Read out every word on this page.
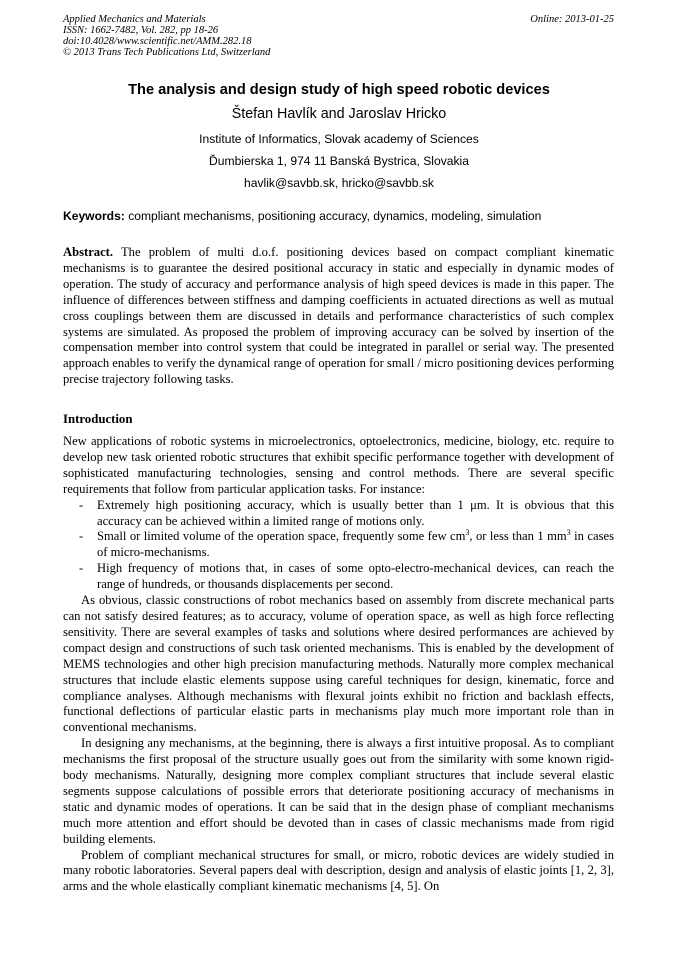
Applied Mechanics and Materials
ISSN: 1662-7482, Vol. 282, pp 18-26
doi:10.4028/www.scientific.net/AMM.282.18
© 2013 Trans Tech Publications Ltd, Switzerland
Online: 2013-01-25
The analysis and design study of high speed robotic devices
Štefan Havlík and Jaroslav Hricko
Institute of Informatics, Slovak academy of Sciences
Ďumbierska 1, 974 11 Banská Bystrica, Slovakia
havlik@savbb.sk, hricko@savbb.sk
Keywords: compliant mechanisms, positioning accuracy, dynamics, modeling, simulation

Abstract. The problem of multi d.o.f. positioning devices based on compact compliant kinematic mechanisms is to guarantee the desired positional accuracy in static and especially in dynamic modes of operation. The study of accuracy and performance analysis of high speed devices is made in this paper. The influence of differences between stiffness and damping coefficients in actuated directions as well as mutual cross couplings between them are discussed in details and performance characteristics of such complex systems are simulated. As proposed the problem of improving accuracy can be solved by insertion of the compensation member into control system that could be integrated in parallel or serial way. The presented approach enables to verify the dynamical range of operation for small / micro positioning devices performing precise trajectory following tasks.

Introduction

New applications of robotic systems in microelectronics, optoelectronics, medicine, biology, etc. require to develop new task oriented robotic structures that exhibit specific performance together with development of sophisticated manufacturing technologies, sensing and control methods. There are several specific requirements that follow from particular application tasks. For instance:

- Extremely high positioning accuracy, which is usually better than 1 μm. It is obvious that this accuracy can be achieved within a limited range of motions only.
- Small or limited volume of the operation space, frequently some few $cm^3$, or less than 1 $mm^3$ in cases of micro-mechanisms.
- High frequency of motions that, in cases of some opto-electro-mechanical devices, can reach the range of hundreds, or thousands displacements per second.

As obvious, classic constructions of robot mechanics based on assembly from discrete mechanical parts can not satisfy desired features; as to accuracy, volume of operation space, as well as high force reflecting sensitivity. There are several examples of tasks and solutions where desired performances are achieved by compact design and constructions of such task oriented mechanisms. This is enabled by the development of MEMS technologies and other high precision manufacturing methods. Naturally more complex mechanical structures that include elastic elements suppose using careful techniques for design, kinematic, force and compliance analyses. Although mechanisms with flexural joints exhibit no friction and backlash effects, functional deflections of particular elastic parts in mechanisms play much more important role than in conventional mechanisms.

In designing any mechanisms, at the beginning, there is always a first intuitive proposal. As to compliant mechanisms the first proposal of the structure usually goes out from the similarity with some known rigid-body mechanisms. Naturally, designing more complex compliant structures that include several elastic segments suppose calculations of possible errors that deteriorate positioning accuracy of mechanisms in static and dynamic modes of operations. It can be said that in the design phase of compliant mechanisms much more attention and effort should be devoted than in cases of classic mechanisms made from rigid building elements.

Problem of compliant mechanical structures for small, or micro, robotic devices are widely studied in many robotic laboratories. Several papers deal with description, design and analysis of elastic joints [1, 2, 3], arms and the whole elastically compliant kinematic mechanisms [4, 5]. On
